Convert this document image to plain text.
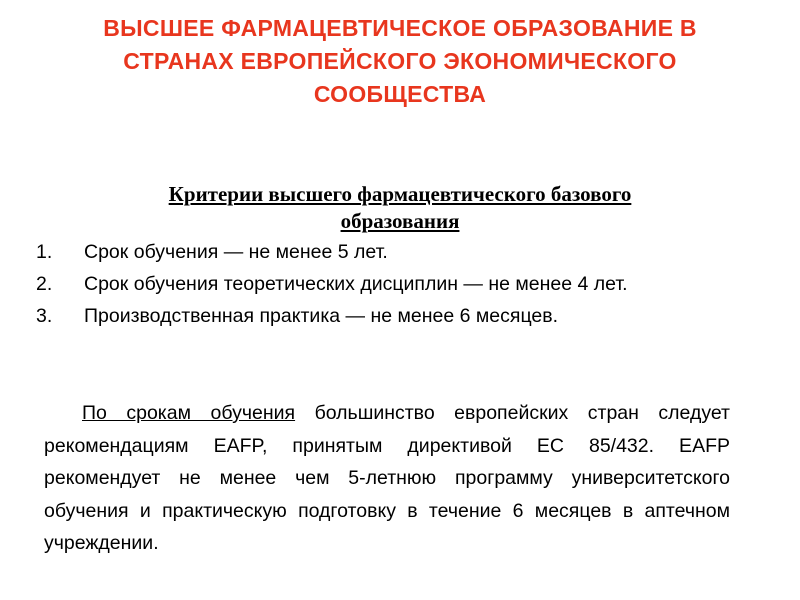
ВЫСШЕЕ ФАРМАЦЕВТИЧЕСКОЕ ОБРАЗОВАНИЕ В
СТРАНАХ ЕВРОПЕЙСКОГО ЭКОНОМИЧЕСКОГО
СООБЩЕСТВА
Критерии высшего фармацевтического базового
образования
1. Срок обучения — не менее 5 лет.
2. Срок обучения теоретических дисциплин — не менее 4 лет.
3. Производственная практика — не менее 6 месяцев.

По срокам обучения большинство европейских стран следует рекомендациям EAFP, принятым директивой ЕС 85/432. EAFP рекомендует не менее чем 5-летнюю программу университетского обучения и практическую подготовку в течение 6 месяцев в аптечном учреждении.
